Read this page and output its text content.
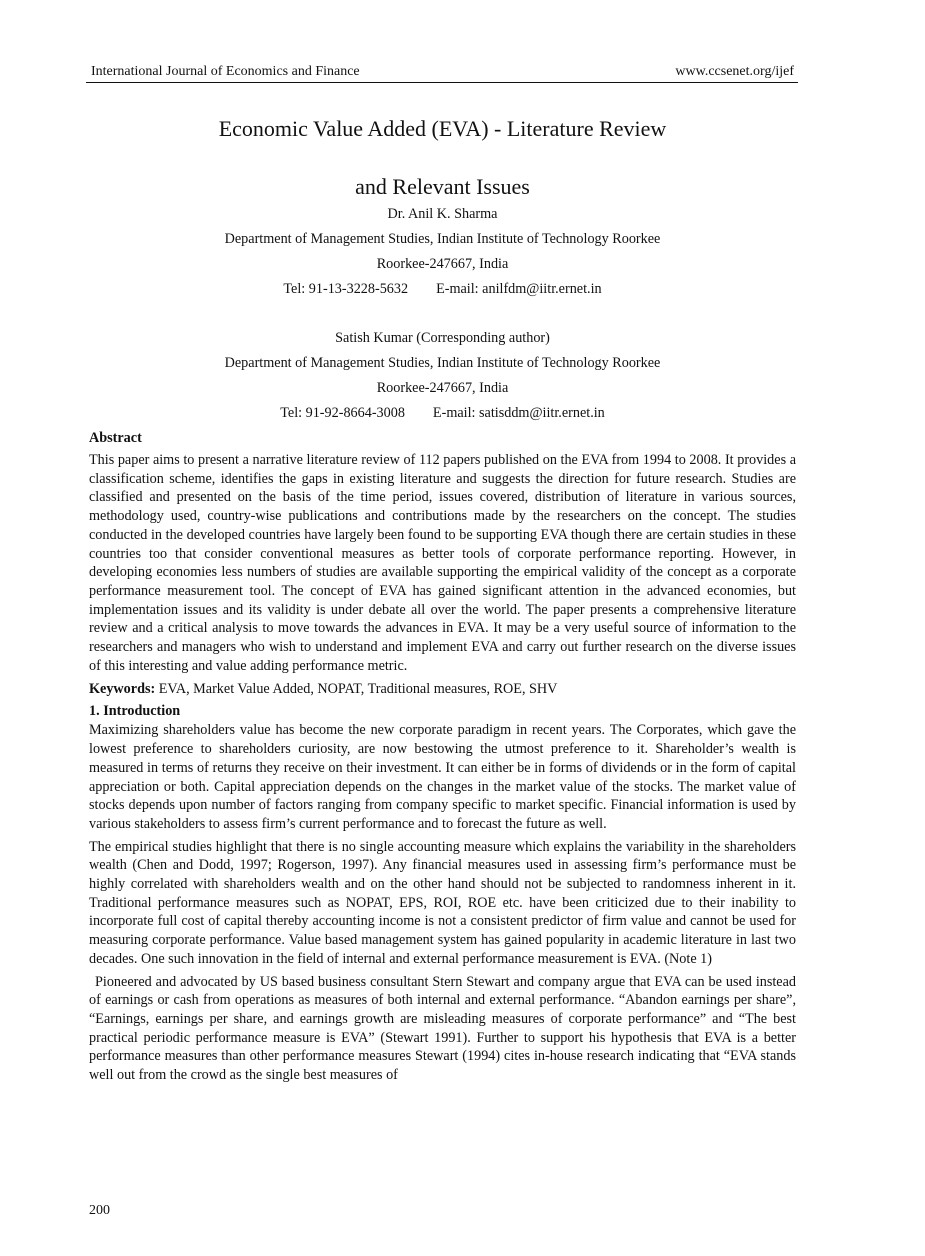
International Journal of Economics and Finance	www.ccsenet.org/ijef
Economic Value Added (EVA) - Literature Review
and Relevant Issues
Dr. Anil K. Sharma
Department of Management Studies, Indian Institute of Technology Roorkee
Roorkee-247667, India
Tel: 91-13-3228-5632 E-mail: anilfdm@iitr.ernet.in
Satish Kumar (Corresponding author)
Department of Management Studies, Indian Institute of Technology Roorkee
Roorkee-247667, India
Tel: 91-92-8664-3008 E-mail: satisddm@iitr.ernet.in
Abstract

This paper aims to present a narrative literature review of 112 papers published on the EVA from 1994 to 2008. It provides a classification scheme, identifies the gaps in existing literature and suggests the direction for future research. Studies are classified and presented on the basis of the time period, issues covered, distribution of literature in various sources, methodology used, country-wise publications and contributions made by the researchers on the concept. The studies conducted in the developed countries have largely been found to be supporting EVA though there are certain studies in these countries too that consider conventional measures as better tools of corporate performance reporting. However, in developing economies less numbers of studies are available supporting the empirical validity of the concept as a corporate performance measurement tool. The concept of EVA has gained significant attention in the advanced economies, but implementation issues and its validity is under debate all over the world. The paper presents a comprehensive literature review and a critical analysis to move towards the advances in EVA. It may be a very useful source of information to the researchers and managers who wish to understand and implement EVA and carry out further research on the diverse issues of this interesting and value adding performance metric.

Keywords: EVA, Market Value Added, NOPAT, Traditional measures, ROE, SHV
1. Introduction

Maximizing shareholders value has become the new corporate paradigm in recent years. The Corporates, which gave the lowest preference to shareholders curiosity, are now bestowing the utmost preference to it. Shareholder’s wealth is measured in terms of returns they receive on their investment. It can either be in forms of dividends or in the form of capital appreciation or both. Capital appreciation depends on the changes in the market value of the stocks. The market value of stocks depends upon number of factors ranging from company specific to market specific. Financial information is used by various stakeholders to assess firm’s current performance and to forecast the future as well.

The empirical studies highlight that there is no single accounting measure which explains the variability in the shareholders wealth (Chen and Dodd, 1997; Rogerson, 1997). Any financial measures used in assessing firm’s performance must be highly correlated with shareholders wealth and on the other hand should not be subjected to randomness inherent in it. Traditional performance measures such as NOPAT, EPS, ROI, ROE etc. have been criticized due to their inability to incorporate full cost of capital thereby accounting income is not a consistent predictor of firm value and cannot be used for measuring corporate performance. Value based management system has gained popularity in academic literature in last two decades. One such innovation in the field of internal and external performance measurement is EVA. (Note 1)

Pioneered and advocated by US based business consultant Stern Stewart and company argue that EVA can be used instead of earnings or cash from operations as measures of both internal and external performance. “Abandon earnings per share”, “Earnings, earnings per share, and earnings growth are misleading measures of corporate performance” and “The best practical periodic performance measure is EVA” (Stewart 1991). Further to support his hypothesis that EVA is a better performance measures than other performance measures Stewart (1994) cites in-house research indicating that “EVA stands well out from the crowd as the single best measures of

200
